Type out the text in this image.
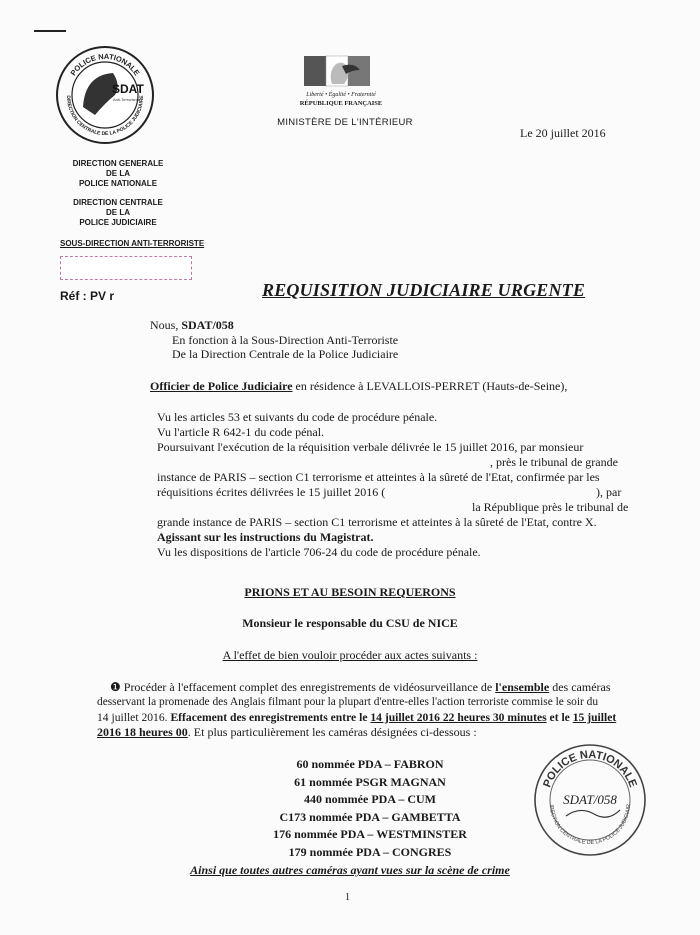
POLICE NATIONALE
DIRECTION CENTRALE DE LA POLICE JUDICIAIRE
SDAT
Anti-Terrorisme
Liberté • Égalité • Fraternité
RÉPUBLIQUE FRANÇAISE
MINISTÈRE DE L'INTÉRIEUR
Le 20 juillet 2016
DIRECTION GENERALE
DE LA
POLICE NATIONALE
DIRECTION CENTRALE
DE LA
POLICE JUDICIAIRE
SOUS-DIRECTION ANTI-TERRORISTE
Réf : PV r	REQUISITION JUDICIAIRE URGENTE
Nous, SDAT/058
En fonction à la Sous-Direction Anti-Terroriste
De la Direction Centrale de la Police Judiciaire
Officier de Police Judiciaire en résidence à LEVALLOIS-PERRET (Hauts-de-Seine),
Vu les articles 53 et suivants du code de procédure pénale.
Vu l'article R 642-1 du code pénal.
Poursuivant l'exécution de la réquisition verbale délivrée le 15 juillet 2016, par monsieur
, près le tribunal de grande
instance de PARIS – section C1 terrorisme et atteintes à la sûreté de l'Etat, confirmée par les
réquisitions écrites délivrées le 15 juillet 2016 (	), par
la République près le tribunal de
grande instance de PARIS – section C1 terrorisme et atteintes à la sûreté de l'Etat, contre X.
Agissant sur les instructions du Magistrat.
Vu les dispositions de l'article 706-24 du code de procédure pénale.
PRIONS ET AU BESOIN REQUERONS
Monsieur le responsable du CSU de NICE
A l'effet de bien vouloir procéder aux actes suivants :
❶ Procéder à l'effacement complet des enregistrements de vidéosurveillance de l'ensemble des caméras
desservant la promenade des Anglais filmant pour la plupart d'entre-elles l'action terroriste commise le soir du
14 juillet 2016. Effacement des enregistrements entre le 14 juillet 2016 22 heures 30 minutes et le 15 juillet
2016 18 heures 00. Et plus particulièrement les caméras désignées ci-dessous :
60 nommée PDA – FABRON
61 nommée PSGR MAGNAN
440 nommée PDA – CUM
C173 nommée PDA – GAMBETTA
176 nommée PDA – WESTMINSTER
179 nommée PDA – CONGRES
POLICE NATIONALE
IRECTION CENTRALE DE LA POLICE JUDICIAIR
SDAT/058
Ainsi que toutes autres caméras ayant vues sur la scène de crime
1
